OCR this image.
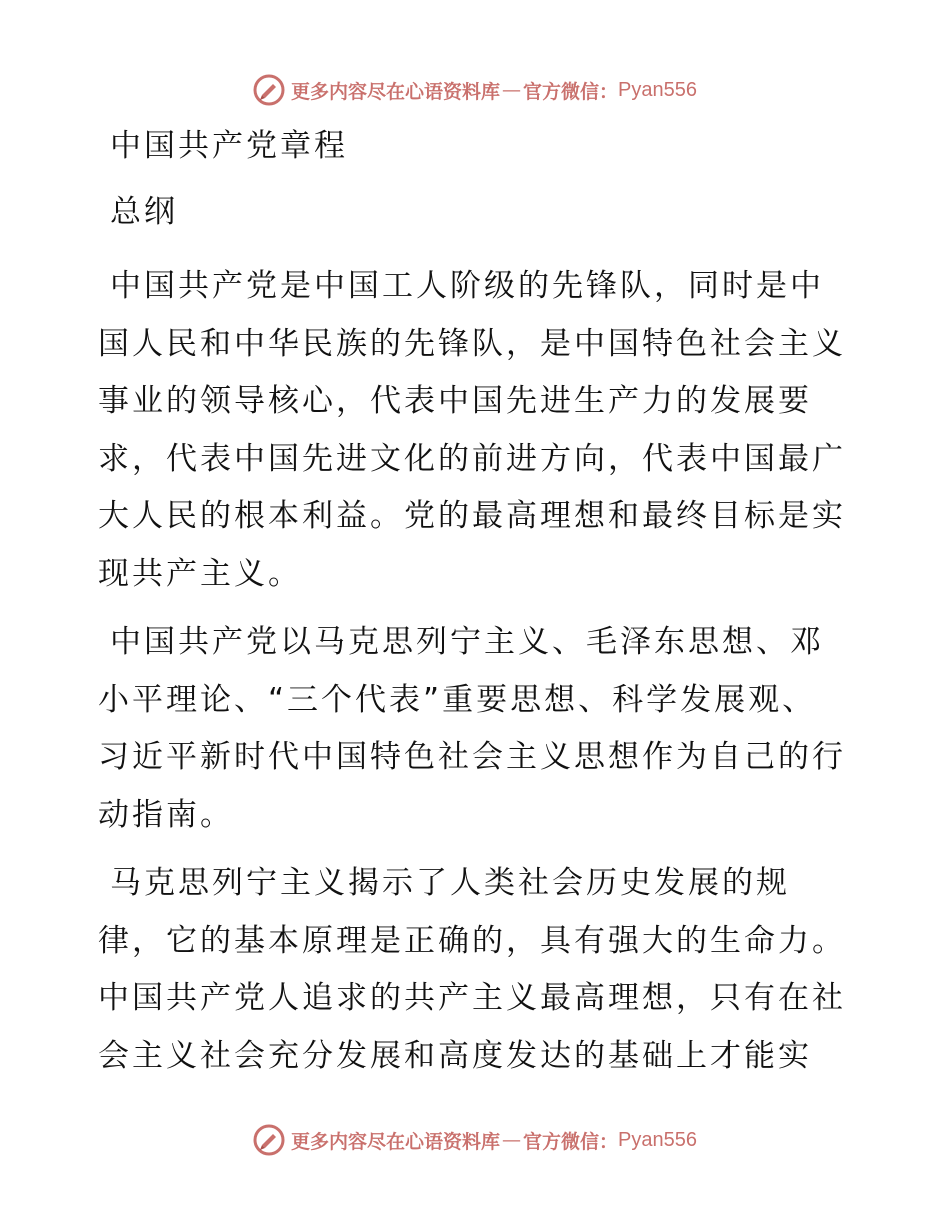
更多内容尽在心语资料库 — 官方微信： Pyan556
中国共产党章程
总纲

中国共产党是中国工人阶级的先锋队，同时是中国人民和中华民族的先锋队，是中国特色社会主义事业的领导核心，代表中国先进生产力的发展要求，代表中国先进文化的前进方向，代表中国最广大人民的根本利益。党的最高理想和最终目标是实现共产主义。

中国共产党以马克思列宁主义、毛泽东思想、邓小平理论、“三个代表”重要思想、科学发展观、习近平新时代中国特色社会主义思想作为自己的行动指南。

马克思列宁主义揭示了人类社会历史发展的规律，它的基本原理是正确的，具有强大的生命力。中国共产党人追求的共产主义最高理想，只有在社会主义社会充分发展和高度发达的基础上才能实

更多内容尽在心语资料库 — 官方微信： Pyan556
